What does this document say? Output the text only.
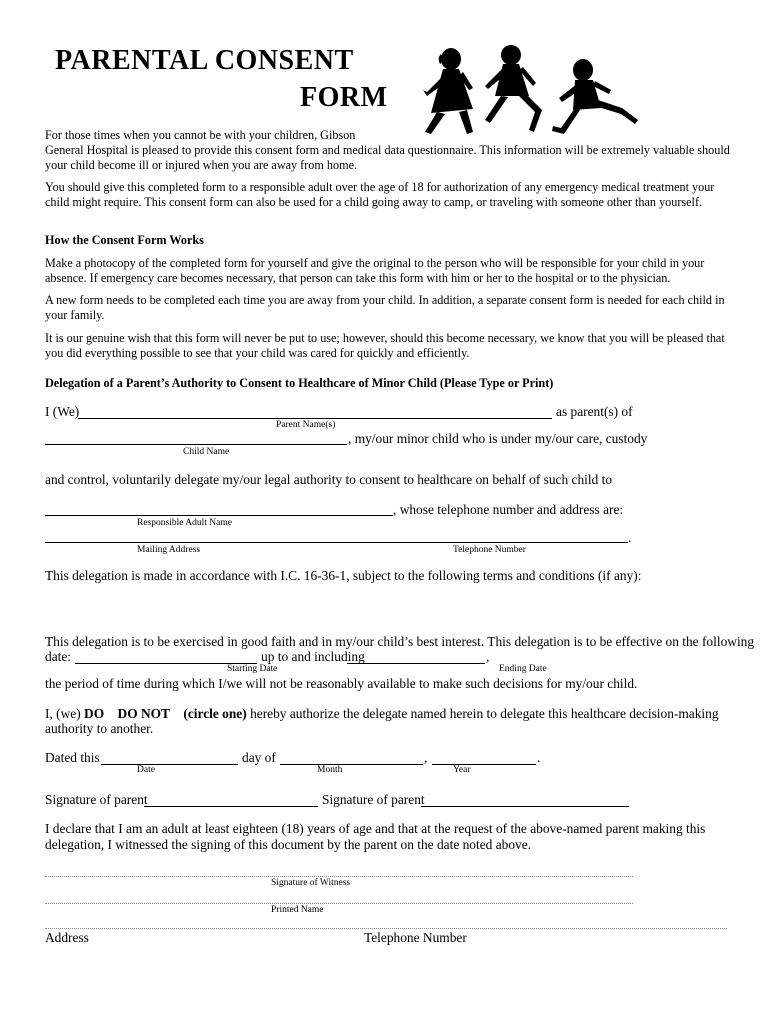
PARENTAL CONSENT
FORM
For those times when you cannot be with your children, Gibson
General Hospital is pleased to provide this consent form and medical data questionnaire. This information will be extremely valuable should your child become ill or injured when you are away from home.
You should give this completed form to a responsible adult over the age of 18 for authorization of any emergency medical treatment your child might require. This consent form can also be used for a child going away to camp, or traveling with someone other than yourself.
How the Consent Form Works
Make a photocopy of the completed form for yourself and give the original to the person who will be responsible for your child in your absence. If emergency care becomes necessary, that person can take this form with him or her to the hospital or to the physician.
A new form needs to be completed each time you are away from your child. In addition, a separate consent form is needed for each child in your family.
It is our genuine wish that this form will never be put to use; however, should this become necessary, we know that you will be pleased that you did everything possible to see that your child was cared for quickly and efficiently.
Delegation of a Parent’s Authority to Consent to Healthcare of Minor Child (Please Type or Print)
I (We)	as parent(s) of
Parent Name(s)
, my/our minor child who is under my/our care, custody
Child Name
and control, voluntarily delegate my/our legal authority to consent to healthcare on behalf of such child to
, whose telephone number and address are:
Responsible Adult Name
.
Mailing Address	Telephone Number
This delegation is made in accordance with I.C. 16-36-1, subject to the following terms and conditions (if any):
This delegation is to be exercised in good faith and in my/our child’s best interest. This delegation is to be effective on the following
date:	up to and including	,
Starting Date	Ending Date
the period of time during which I/we will not be reasonably available to make such decisions for my/our child.
I, (we) DO DO NOT (circle one) hereby authorize the delegate named herein to delegate this healthcare decision-making
authority to another.
Dated this	day of	,	.
Date	Month	Year
Signature of parent	Signature of parent
I declare that I am an adult at least eighteen (18) years of age and that at the request of the above-named parent making this delegation, I witnessed the signing of this document by the parent on the date noted above.
Signature of Witness
Printed Name
Address	Telephone Number
